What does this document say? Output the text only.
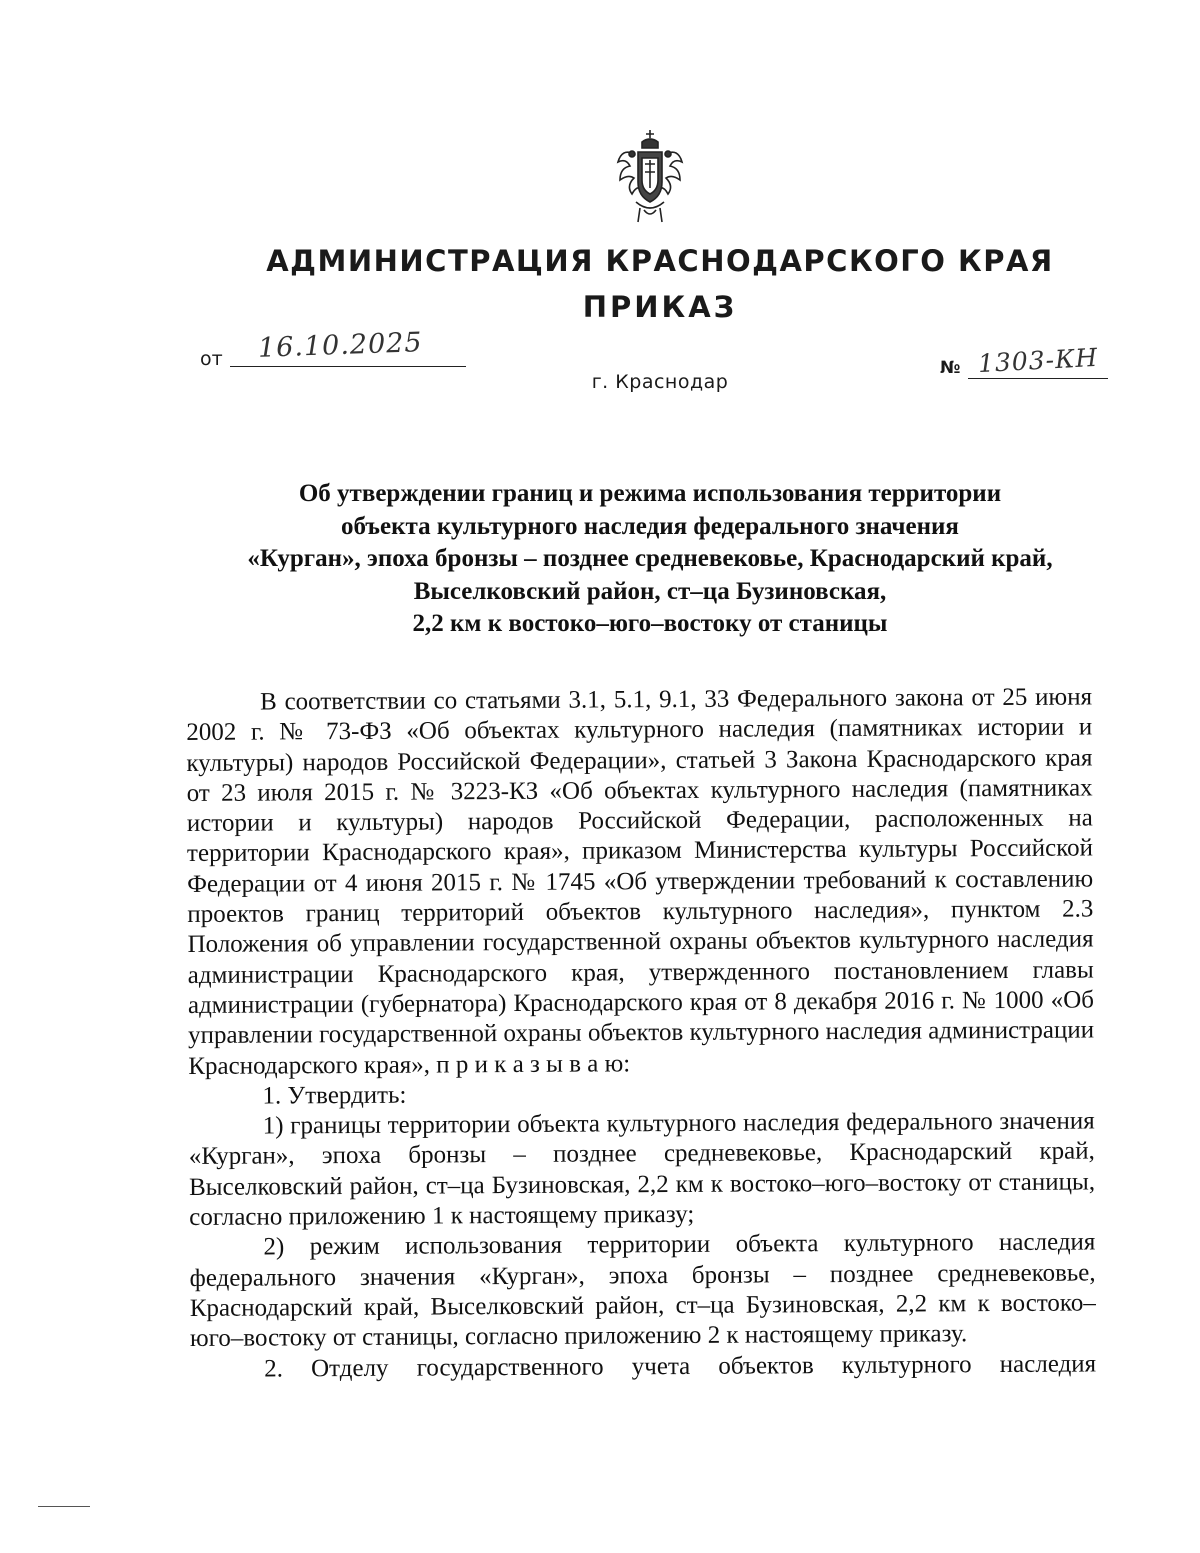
АДМИНИСТРАЦИЯ КРАСНОДАРСКОГО КРАЯ
ПРИКАЗ
от 16.10.2025
№ 1303-КН
г. Краснодар
Об утверждении границ и режима использования территории
объекта культурного наследия федерального значения
«Курган», эпоха бронзы – позднее средневековье, Краснодарский край,
Выселковский район, ст–ца Бузиновская,
2,2 км к востоко–юго–востоку от станицы

В соответствии со статьями 3.1, 5.1, 9.1, 33 Федерального закона от 25 июня 2002 г. № 73-ФЗ «Об объектах культурного наследия (памятниках истории и культуры) народов Российской Федерации», статьей 3 Закона Краснодарского края от 23 июля 2015 г. № 3223-КЗ «Об объектах культурного наследия (памятниках истории и культуры) народов Российской Федерации, расположенных на территории Краснодарского края», приказом Министерства культуры Российской Федерации от 4 июня 2015 г. № 1745 «Об утверждении требований к составлению проектов границ территорий объектов культурного наследия», пунктом 2.3 Положения об управлении государственной охраны объектов культурного наследия администрации Краснодарского края, утвержденного постановлением главы администрации (губернатора) Краснодарского края от 8 декабря 2016 г. № 1000 «Об управлении государственной охраны объектов культурного наследия администрации Краснодарского края», п р и к а з ы в а ю:

1. Утвердить:

1) границы территории объекта культурного наследия федерального значения «Курган», эпоха бронзы – позднее средневековье, Краснодарский край, Выселковский район, ст–ца Бузиновская, 2,2 км к востоко–юго–востоку от станицы, согласно приложению 1 к настоящему приказу;

2) режим использования территории объекта культурного наследия федерального значения «Курган», эпоха бронзы – позднее средневековье, Краснодарский край, Выселковский район, ст–ца Бузиновская, 2,2 км к востоко–юго–востоку от станицы, согласно приложению 2 к настоящему приказу.

2. Отделу государственного учета объектов культурного наследия
